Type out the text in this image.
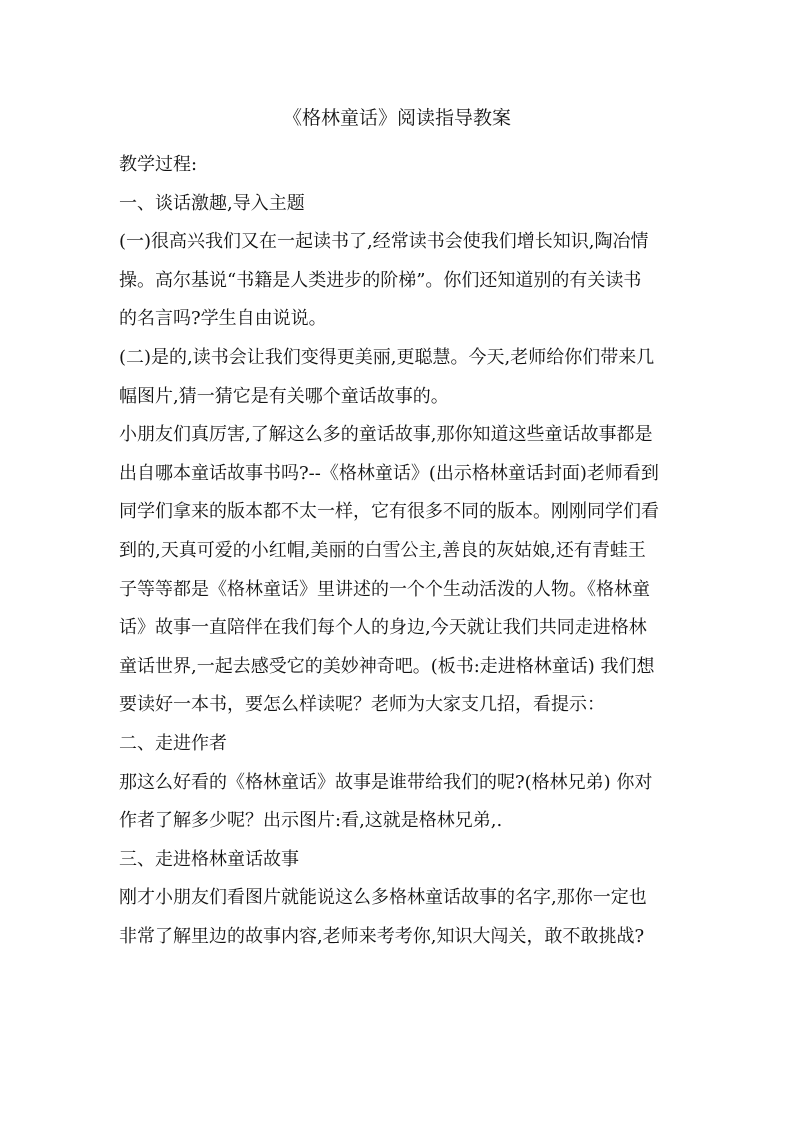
《格林童话》阅读指导教案

教学过程:

一、谈话激趣,导入主题

(一)很高兴我们又在一起读书了,经常读书会使我们增长知识,陶冶情

操。高尔基说“书籍是人类进步的阶梯”。你们还知道别的有关读书

的名言吗?学生自由说说。

(二)是的,读书会让我们变得更美丽,更聪慧。今天,老师给你们带来几

幅图片,猜一猜它是有关哪个童话故事的。

小朋友们真厉害,了解这么多的童话故事,那你知道这些童话故事都是

出自哪本童话故事书吗?--《格林童话》(出示格林童话封面)老师看到

同学们拿来的版本都不太一样，它有很多不同的版本。刚刚同学们看

到的,天真可爱的小红帽,美丽的白雪公主,善良的灰姑娘,还有青蛙王

子等等都是《格林童话》里讲述的一个个生动活泼的人物。《格林童

话》故事一直陪伴在我们每个人的身边,今天就让我们共同走进格林

童话世界,一起去感受它的美妙神奇吧。(板书:走进格林童话) 我们想

要读好一本书，要怎么样读呢？老师为大家支几招，看提示：

二、走进作者

那这么好看的《格林童话》故事是谁带给我们的呢?(格林兄弟) 你对

作者了解多少呢？出示图片:看,这就是格林兄弟,.

三、走进格林童话故事

刚才小朋友们看图片就能说这么多格林童话故事的名字,那你一定也

非常了解里边的故事内容,老师来考考你,知识大闯关，敢不敢挑战?
